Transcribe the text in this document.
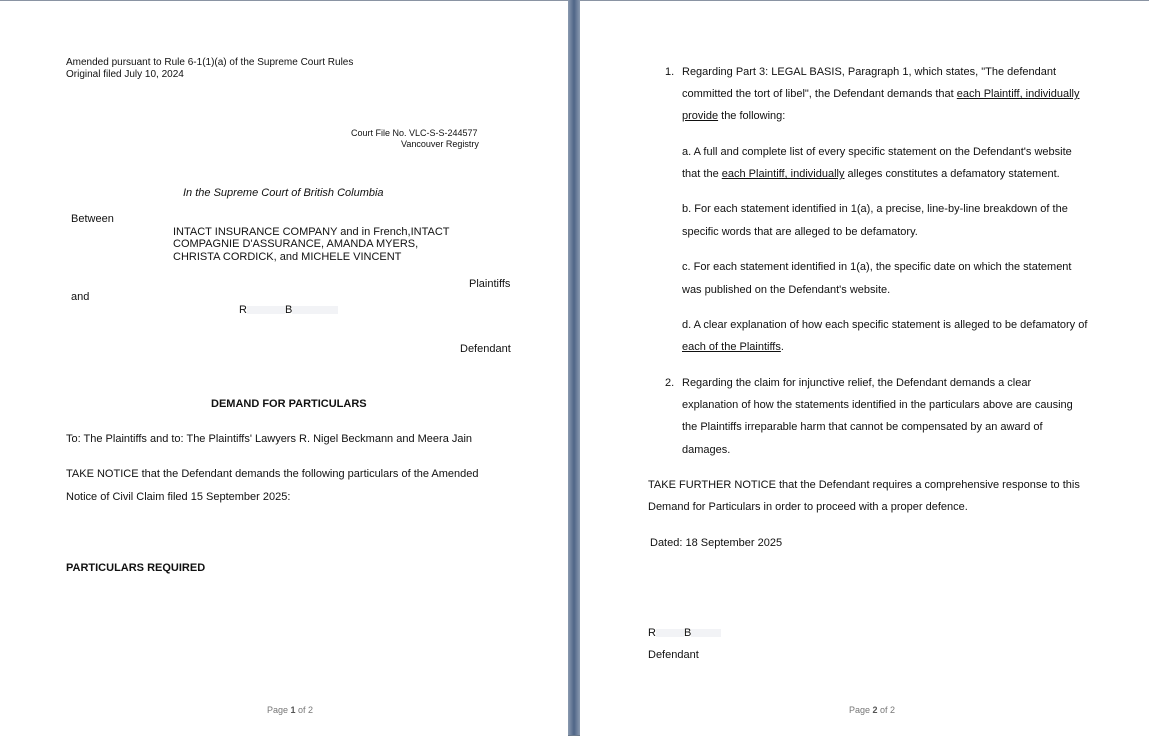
Amended pursuant to Rule 6-1(1)(a) of the Supreme Court Rules
Original filed July 10, 2024
Court File No. VLC-S-S-244577
Vancouver Registry
In the Supreme Court of British Columbia
Between
INTACT INSURANCE COMPANY and in French,INTACT
COMPAGNIE D'ASSURANCE, AMANDA MYERS,
CHRISTA CORDICK, and MICHELE VINCENT
Plaintiffs
and
R	B
Defendant
DEMAND FOR PARTICULARS
To: The Plaintiffs and to: The Plaintiffs' Lawyers R. Nigel Beckmann and Meera Jain
TAKE NOTICE that the Defendant demands the following particulars of the Amended
Notice of Civil Claim filed 15 September 2025:
PARTICULARS REQUIRED
Page 1 of 2
1. Regarding Part 3: LEGAL BASIS, Paragraph 1, which states, "The defendant
committed the tort of libel", the Defendant demands that each Plaintiff, individually
provide the following:
a. A full and complete list of every specific statement on the Defendant's website
that the each Plaintiff, individually alleges constitutes a defamatory statement.
b. For each statement identified in 1(a), a precise, line-by-line breakdown of the
specific words that are alleged to be defamatory.
c. For each statement identified in 1(a), the specific date on which the statement
was published on the Defendant's website.
d. A clear explanation of how each specific statement is alleged to be defamatory of
each of the Plaintiffs.
2. Regarding the claim for injunctive relief, the Defendant demands a clear
explanation of how the statements identified in the particulars above are causing
the Plaintiffs irreparable harm that cannot be compensated by an award of
damages.
TAKE FURTHER NOTICE that the Defendant requires a comprehensive response to this
Demand for Particulars in order to proceed with a proper defence.
Dated: 18 September 2025
R	B
Defendant
Page 2 of 2
